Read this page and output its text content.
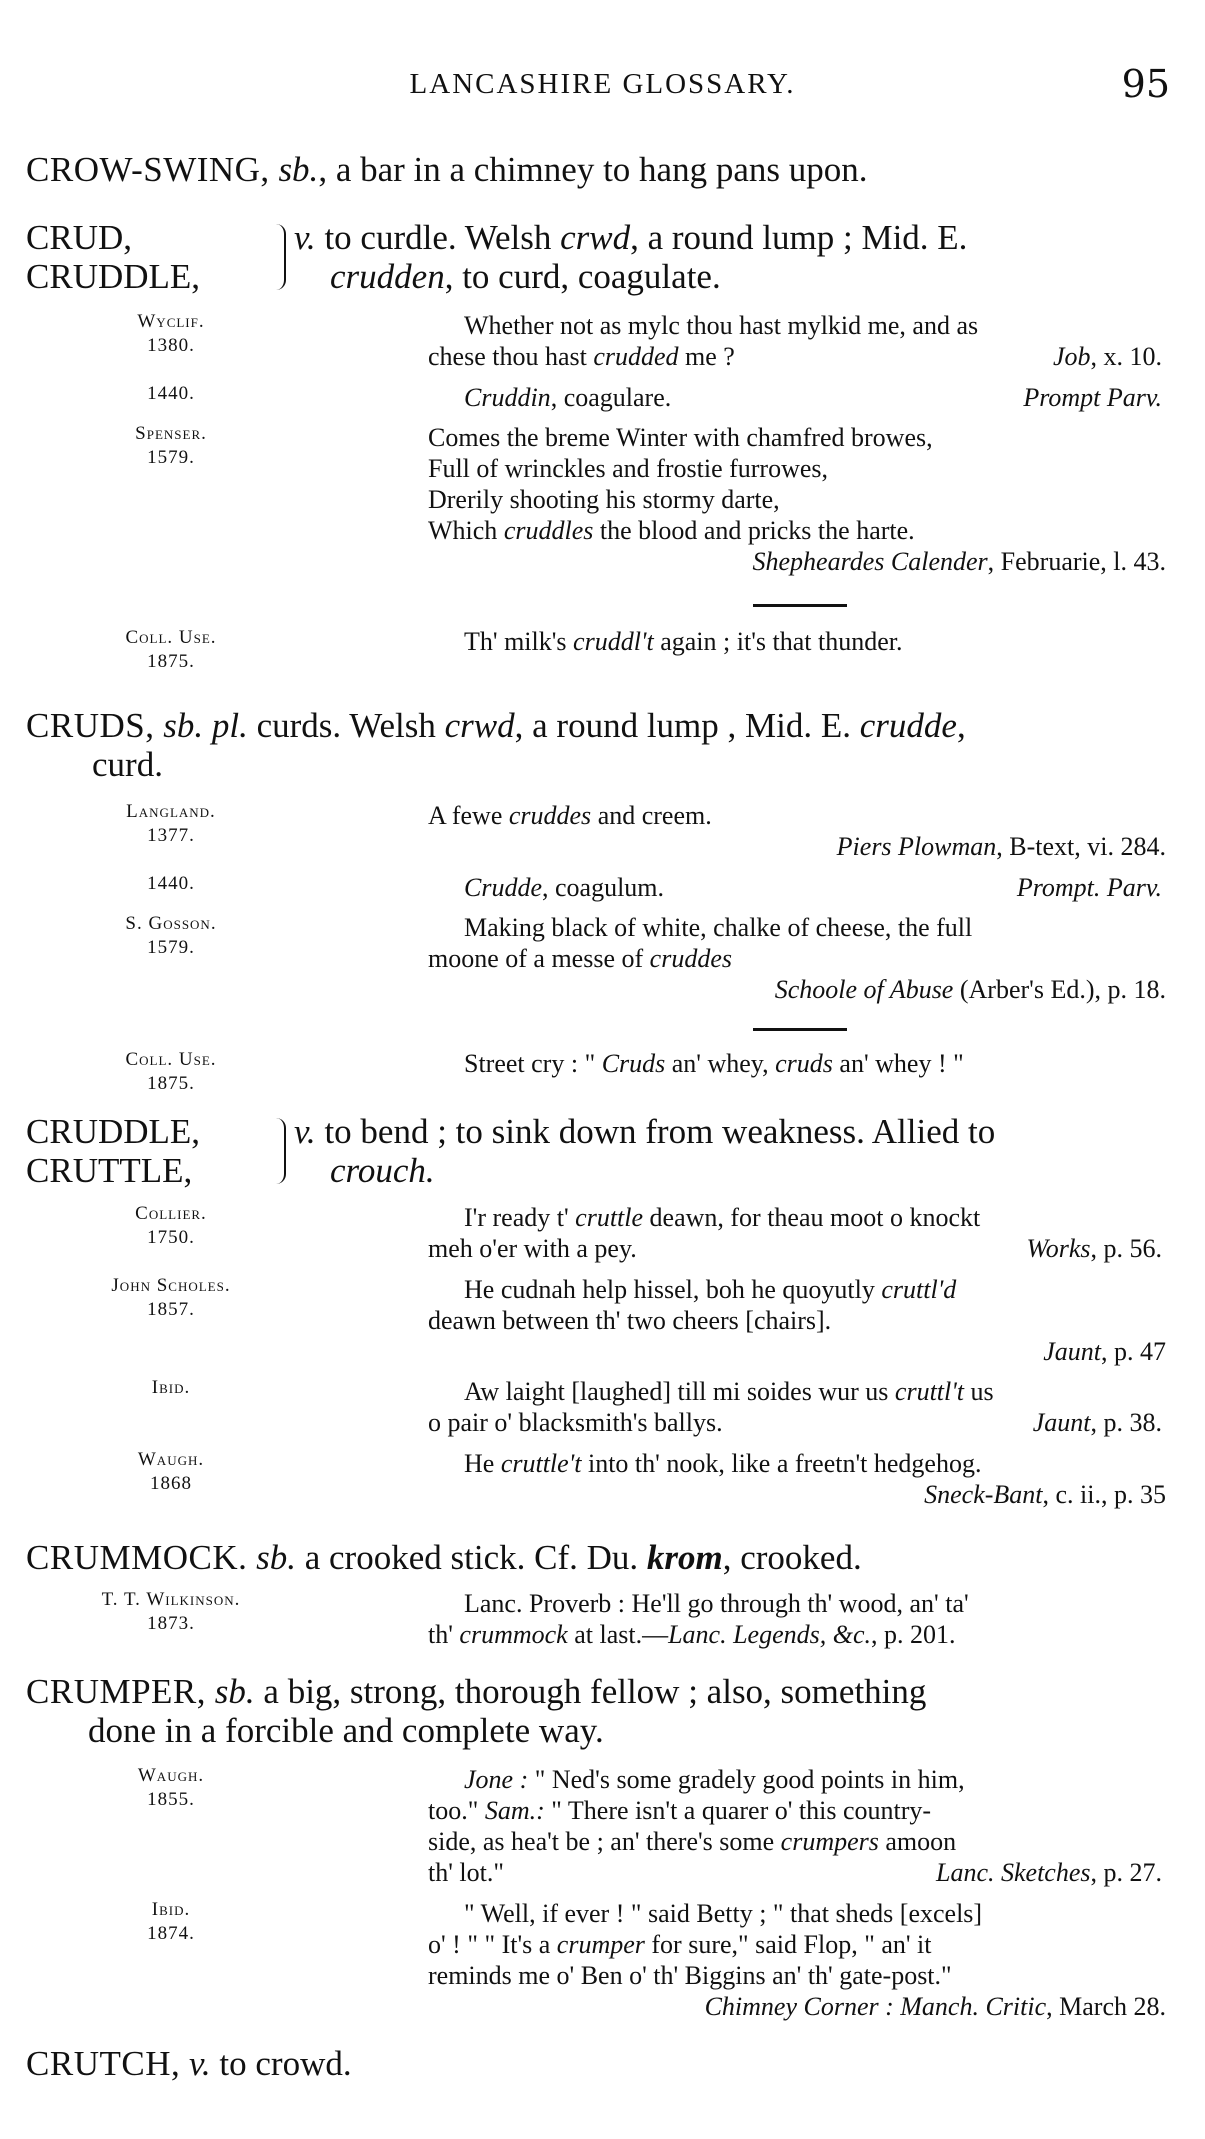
LANCASHIRE GLOSSARY.	95
CROW-SWING, sb., a bar in a chimney to hang pans upon.
CRUD,
CRUDDLE,
v. to curdle. Welsh crwd, a round lump ; Mid. E.
crudden, to curd, coagulate.
Wyclif.
1380.

Whether not as mylc thou hast mylkid me, and as

chese thou hast crudded me ?	Job, x. 10.

1440.	Cruddin, coagulare.	Prompt Parv.

Spenser.
1579.

Comes the breme Winter with chamfred browes,

Full of wrinckles and frostie furrowes,

Drerily shooting his stormy darte,

Which cruddles the blood and pricks the harte.

Shepheardes Calender, Februarie, l. 43.

Coll. Use.
1875.

Th' milk's cruddl't again ; it's that thunder.

CRUDS, sb. pl. curds. Welsh crwd, a round lump , Mid. E. crudde,
curd.
Langland.
1377.

A fewe cruddes and creem.

Piers Plowman, B-text, vi. 284.

1440.	Crudde, coagulum.	Prompt. Parv.

S. Gosson.
1579.

Making black of white, chalke of cheese, the full

moone of a messe of cruddes

Schoole of Abuse (Arber's Ed.), p. 18.

Coll. Use.
1875.

Street cry : " Cruds an' whey, cruds an' whey ! "

CRUDDLE,
CRUTTLE,
v. to bend ; to sink down from weakness. Allied to
crouch.
Collier.
1750.

I'r ready t' cruttle deawn, for theau moot o knockt

meh o'er with a pey.	Works, p. 56.

John Scholes.
1857.

He cudnah help hissel, boh he quoyutly cruttl'd

deawn between th' two cheers [chairs].

Jaunt, p. 47

Ibid.	Aw laight [laughed] till mi soides wur us cruttl't us

o pair o' blacksmith's ballys.	Jaunt, p. 38.

Waugh.
1868

He cruttle't into th' nook, like a freetn't hedgehog.

Sneck-Bant, c. ii., p. 35

CRUMMOCK. sb. a crooked stick. Cf. Du. krom, crooked.
T. T. Wilkinson.
1873.

Lanc. Proverb : He'll go through th' wood, an' ta'

th' crummock at last.—Lanc. Legends, &c., p. 201.

CRUMPER, sb. a big, strong, thorough fellow ; also, something
done in a forcible and complete way.
Waugh.
1855.

Jone : " Ned's some gradely good points in him,

too." Sam.: " There isn't a quarer o' this country-

side, as hea't be ; an' there's some crumpers amoon

th' lot."	Lanc. Sketches, p. 27.

Ibid.
1874.

" Well, if ever ! " said Betty ; " that sheds [excels]

o' ! " " It's a crumper for sure," said Flop, " an' it

reminds me o' Ben o' th' Biggins an' th' gate-post."

Chimney Corner : Manch. Critic, March 28.

CRUTCH, v. to crowd.
